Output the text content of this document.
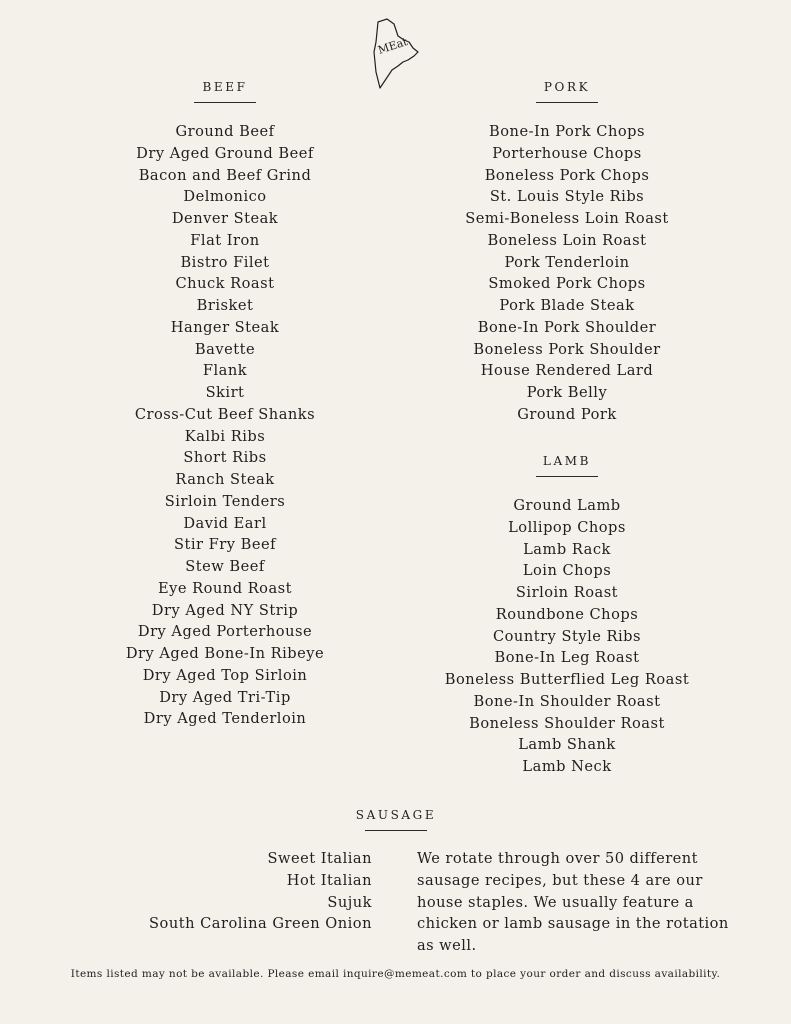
MEat
BEEF
Ground Beef
Dry Aged Ground Beef
Bacon and Beef Grind
Delmonico
Denver Steak
Flat Iron
Bistro Filet
Chuck Roast
Brisket
Hanger Steak
Bavette
Flank
Skirt
Cross-Cut Beef Shanks
Kalbi Ribs
Short Ribs
Ranch Steak
Sirloin Tenders
David Earl
Stir Fry Beef
Stew Beef
Eye Round Roast
Dry Aged NY Strip
Dry Aged Porterhouse
Dry Aged Bone-In Ribeye
Dry Aged Top Sirloin
Dry Aged Tri-Tip
Dry Aged Tenderloin
PORK
Bone-In Pork Chops
Porterhouse Chops
Boneless Pork Chops
St. Louis Style Ribs
Semi-Boneless Loin Roast
Boneless Loin Roast
Pork Tenderloin
Smoked Pork Chops
Pork Blade Steak
Bone-In Pork Shoulder
Boneless Pork Shoulder
House Rendered Lard
Pork Belly
Ground Pork
LAMB
Ground Lamb
Lollipop Chops
Lamb Rack
Loin Chops
Sirloin Roast
Roundbone Chops
Country Style Ribs
Bone-In Leg Roast
Boneless Butterflied Leg Roast
Bone-In Shoulder Roast
Boneless Shoulder Roast
Lamb Shank
Lamb Neck
SAUSAGE
Sweet Italian
Hot Italian
Sujuk
South Carolina Green Onion

We rotate through over 50 different sausage recipes, but these 4 are our house staples. We usually feature a chicken or lamb sausage in the rotation as well.

Items listed may not be available. Please email inquire@memeat.com to place your order and discuss availability.
